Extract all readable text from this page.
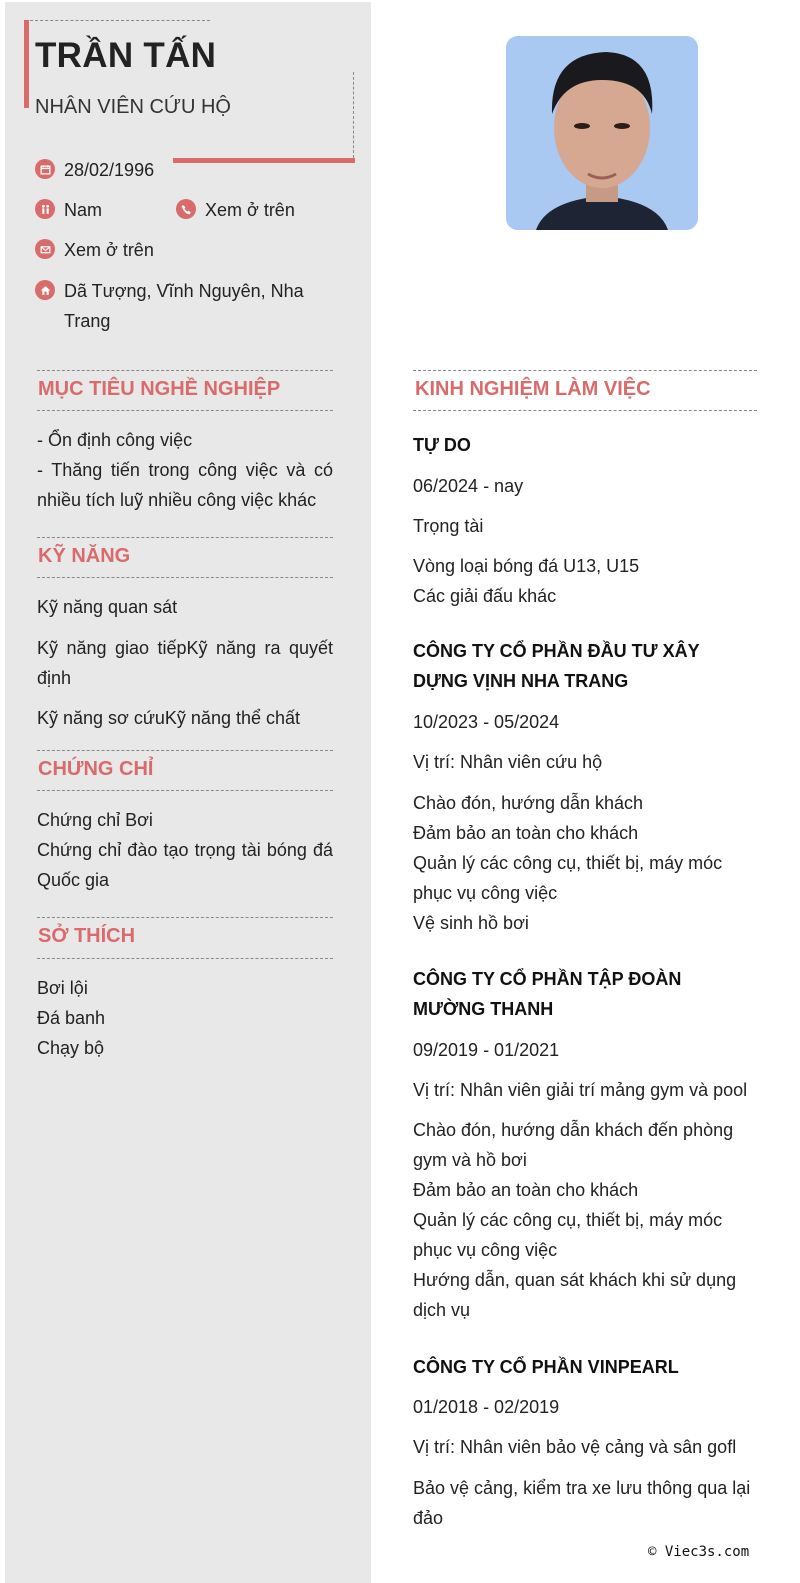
TRẦN TẤN
NHÂN VIÊN CỨU HỘ
28/02/1996
Nam	Xem ở trên
Xem ở trên
Dã Tượng, Vĩnh Nguyên, Nha Trang
MỤC TIÊU NGHỀ NGHIỆP
- Ổn định công việc
- Thăng tiến trong công việc và có nhiều tích luỹ nhiều công việc khác
KỸ NĂNG
Kỹ năng quan sát
Kỹ năng giao tiếpKỹ năng ra quyết định
Kỹ năng sơ cứuKỹ năng thể chất
CHỨNG CHỈ
Chứng chỉ Bơi
Chứng chỉ đào tạo trọng tài bóng đá Quốc gia
SỞ THÍCH
Bơi lội
Đá banh
Chạy bộ
KINH NGHIỆM LÀM VIỆC
TỰ DO
06/2024 - nay
Trọng tài
Vòng loại bóng đá U13, U15
Các giải đấu khác
CÔNG TY CỔ PHẦN ĐẦU TƯ XÂY DỰNG VỊNH NHA TRANG
10/2023 - 05/2024
Vị trí: Nhân viên cứu hộ
Chào đón, hướng dẫn khách
Đảm bảo an toàn cho khách
Quản lý các công cụ, thiết bị, máy móc phục vụ công việc
Vệ sinh hồ bơi
CÔNG TY CỔ PHẦN TẬP ĐOÀN MƯỜNG THANH
09/2019 - 01/2021
Vị trí: Nhân viên giải trí mảng gym và pool
Chào đón, hướng dẫn khách đến phòng gym và hồ bơi
Đảm bảo an toàn cho khách
Quản lý các công cụ, thiết bị, máy móc phục vụ công việc
Hướng dẫn, quan sát khách khi sử dụng dịch vụ
CÔNG TY CỔ PHẦN VINPEARL
01/2018 - 02/2019
Vị trí: Nhân viên bảo vệ cảng và sân gofl
Bảo vệ cảng, kiểm tra xe lưu thông qua lại đảo
© Viec3s.com
